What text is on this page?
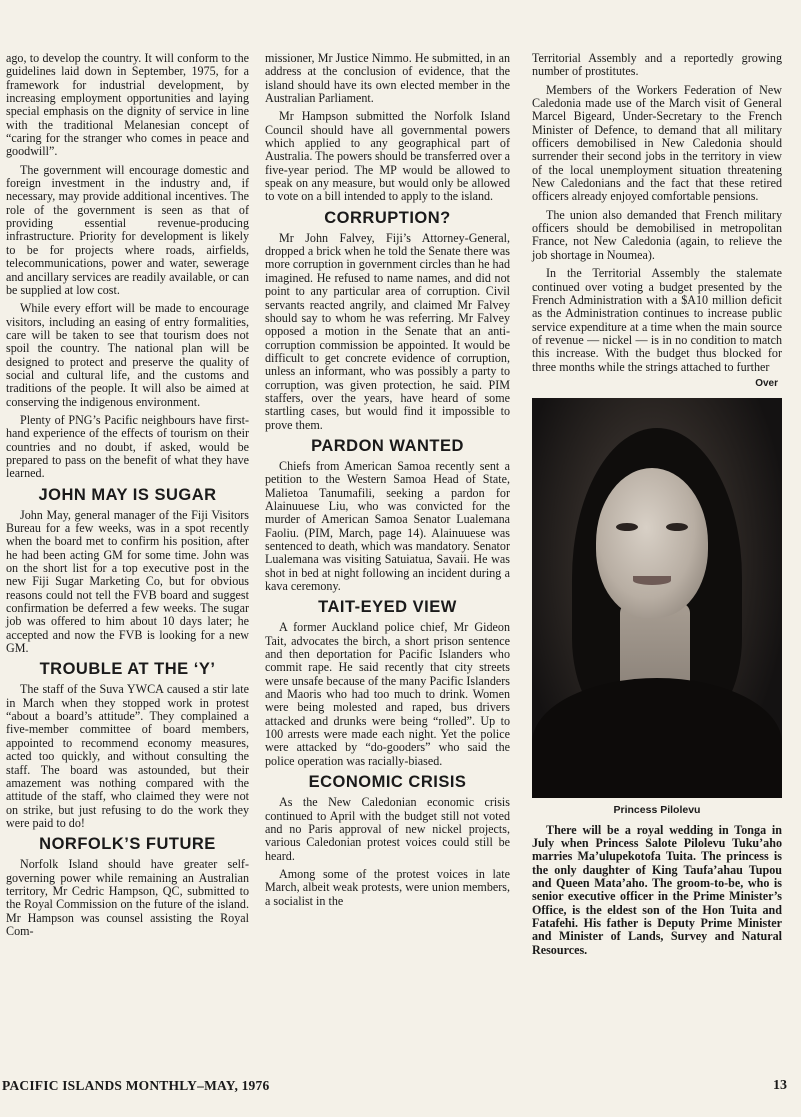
ago, to develop the country. It will conform to the guidelines laid down in September, 1975, for a framework for industrial development, by increasing employment opportunities and laying special emphasis on the dignity of service in line with the traditional Melanesian concept of “caring for the stranger who comes in peace and goodwill”.

The government will encourage domestic and foreign investment in the industry and, if necessary, may provide additional incentives. The role of the government is seen as that of providing essential revenue-producing infrastructure. Priority for development is likely to be for projects where roads, airfields, telecommunications, power and water, sewerage and ancillary services are readily available, or can be supplied at low cost.

While every effort will be made to encourage visitors, including an easing of entry formalities, care will be taken to see that tourism does not spoil the country. The national plan will be designed to protect and preserve the quality of social and cultural life, and the customs and traditions of the people. It will also be aimed at conserving the indigenous environment.

Plenty of PNG’s Pacific neighbours have first-hand experience of the effects of tourism on their countries and no doubt, if asked, would be prepared to pass on the benefit of what they have learned.

JOHN MAY IS SUGAR

John May, general manager of the Fiji Visitors Bureau for a few weeks, was in a spot recently when the board met to confirm his position, after he had been acting GM for some time. John was on the short list for a top executive post in the new Fiji Sugar Marketing Co, but for obvious reasons could not tell the FVB board and suggest confirmation be deferred a few weeks. The sugar job was offered to him about 10 days later; he accepted and now the FVB is looking for a new GM.

TROUBLE AT THE ‘Y’

The staff of the Suva YWCA caused a stir late in March when they stopped work in protest “about a board’s attitude”. They complained a five-member committee of board members, appointed to recommend economy measures, acted too quickly, and without consulting the staff. The board was astounded, but their amazement was nothing compared with the attitude of the staff, who claimed they were not on strike, but just refusing to do the work they were paid to do!

NORFOLK’S FUTURE

Norfolk Island should have greater self-governing power while remaining an Australian territory, Mr Cedric Hampson, QC, submitted to the Royal Commission on the future of the island. Mr Hampson was counsel assisting the Royal Com-

missioner, Mr Justice Nimmo. He submitted, in an address at the conclusion of evidence, that the island should have its own elected member in the Australian Parliament.

Mr Hampson submitted the Norfolk Island Council should have all governmental powers which applied to any geographical part of Australia. The powers should be transferred over a five-year period. The MP would be allowed to speak on any measure, but would only be allowed to vote on a bill intended to apply to the island.

CORRUPTION?

Mr John Falvey, Fiji’s Attorney-General, dropped a brick when he told the Senate there was more corruption in government circles than he had imagined. He refused to name names, and did not point to any particular area of corruption. Civil servants reacted angrily, and claimed Mr Falvey should say to whom he was referring. Mr Falvey opposed a motion in the Senate that an anti-corruption commission be appointed. It would be difficult to get concrete evidence of corruption, unless an informant, who was possibly a party to corruption, was given protection, he said. PIM staffers, over the years, have heard of some startling cases, but would find it impossible to prove them.

PARDON WANTED

Chiefs from American Samoa recently sent a petition to the Western Samoa Head of State, Malietoa Tanumafili, seeking a pardon for Alainuuese Liu, who was convicted for the murder of American Samoa Senator Lualemana Faoliu. (PIM, March, page 14). Alainuuese was sentenced to death, which was mandatory. Senator Lualemana was visiting Satuiatua, Savaii. He was shot in bed at night following an incident during a kava ceremony.

TAIT-EYED VIEW

A former Auckland police chief, Mr Gideon Tait, advocates the birch, a short prison sentence and then deportation for Pacific Islanders who commit rape. He said recently that city streets were unsafe because of the many Pacific Islanders and Maoris who had too much to drink. Women were being molested and raped, bus drivers attacked and drunks were being “rolled”. Up to 100 arrests were made each night. Yet the police were attacked by “do-gooders” who said the police operation was racially-biased.

ECONOMIC CRISIS

As the New Caledonian economic crisis continued to April with the budget still not voted and no Paris approval of new nickel projects, various Caledonian protest voices could still be heard.

Among some of the protest voices in late March, albeit weak protests, were union members, a socialist in the

Territorial Assembly and a reportedly growing number of prostitutes.

Members of the Workers Federation of New Caledonia made use of the March visit of General Marcel Bigeard, Under-Secretary to the French Minister of Defence, to demand that all military officers demobilised in New Caledonia should surrender their second jobs in the territory in view of the local unemployment situation threatening New Caledonians and the fact that these retired officers already enjoyed comfortable pensions.

The union also demanded that French military officers should be demobilised in metropolitan France, not New Caledonia (again, to relieve the job shortage in Noumea).

In the Territorial Assembly the stalemate continued over voting a budget presented by the French Administration with a $A10 million deficit as the Administration continues to increase public service expenditure at a time when the main source of revenue — nickel — is in no condition to match this increase. With the budget thus blocked for three months while the strings attached to further

Over
Princess Pilolevu

There will be a royal wedding in Tonga in July when Princess Salote Pilolevu Tuku’aho marries Ma’ulupekotofa Tuita. The princess is the only daughter of King Taufa’ahau Tupou and Queen Mata’aho. The groom-to-be, who is senior executive officer in the Prime Minister’s Office, is the eldest son of the Hon Tuita and Fatafehi. His father is Deputy Prime Minister and Minister of Lands, Survey and Natural Resources.

PACIFIC ISLANDS MONTHLY–MAY, 1976	13
